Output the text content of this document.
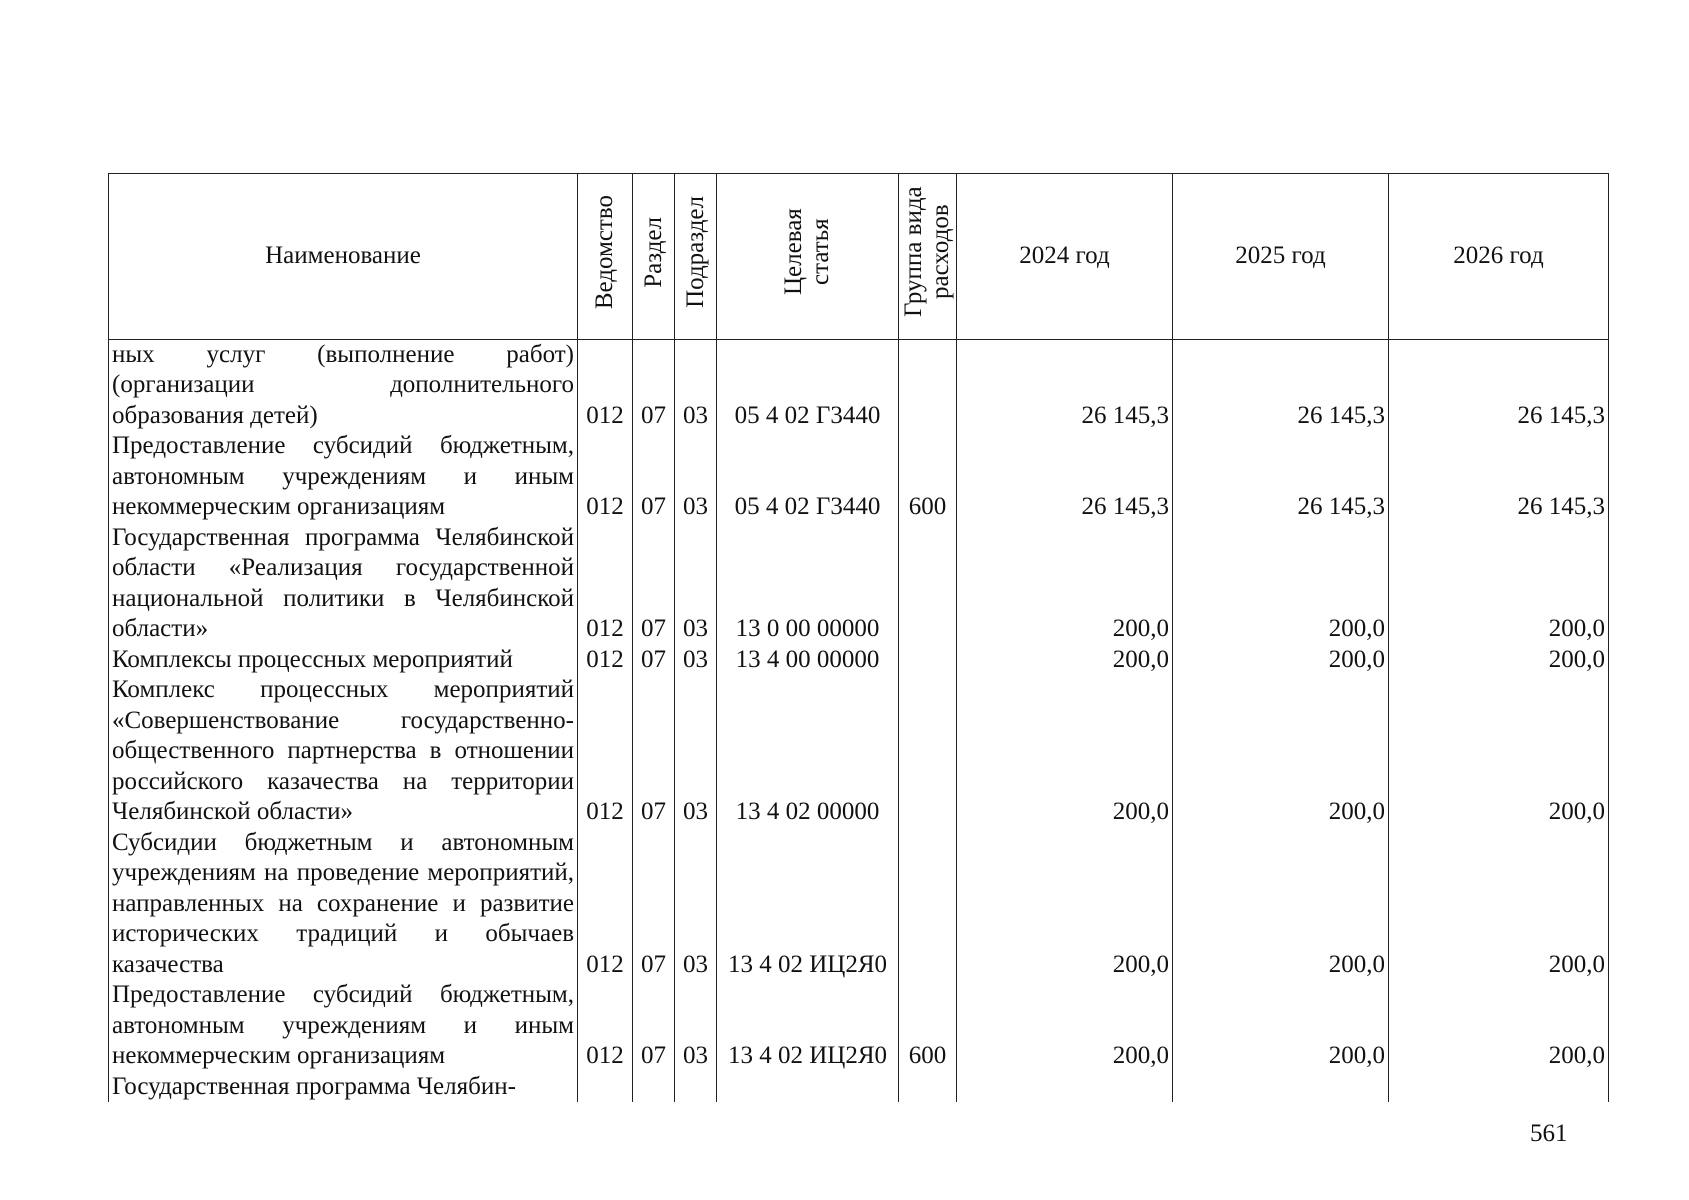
Наименование	Ведомство	Раздел	Подраздел	Целевая статья	Группа вида расходов	2024 год	2025 год	2026 год
ных услуг (выполнение работ) (организации дополнительного образования детей)	012	07	03	05 4 02 Г3440		26 145,3	26 145,3	26 145,3
Предоставление субсидий бюджетным, автономным учреждениям и иным некоммерческим организациям	012	07	03	05 4 02 Г3440	600	26 145,3	26 145,3	26 145,3
Государственная программа Челябинской области «Реализация государственной национальной политики в Челябинской области»	012	07	03	13 0 00 00000		200,0	200,0	200,0
Комплексы процессных мероприятий	012	07	03	13 4 00 00000		200,0	200,0	200,0
Комплекс процессных мероприятий «Совершенствование государственно-общественного партнерства в отношении российского казачества на территории Челябинской области»	012	07	03	13 4 02 00000		200,0	200,0	200,0
Субсидии бюджетным и автономным учреждениям на проведение мероприятий, направленных на сохранение и развитие исторических традиций и обычаев казачества	012	07	03	13 4 02 ИЦ2Я0		200,0	200,0	200,0
Предоставление субсидий бюджетным, автономным учреждениям и иным некоммерческим организациям	012	07	03	13 4 02 ИЦ2Я0	600	200,0	200,0	200,0
Государственная программа Челябин-								
561
